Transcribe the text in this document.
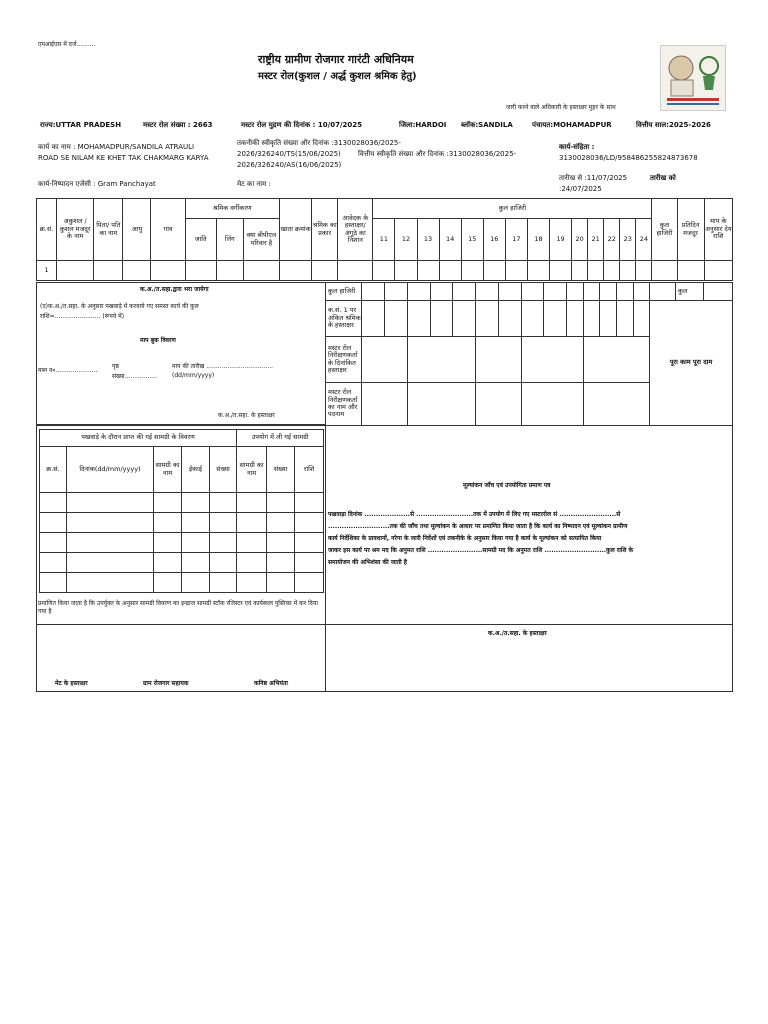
एमआईएस में दर्ज..........
राष्ट्रीय ग्रामीण रोजगार गारंटी अधिनियम
मस्टर रोल(कुशल / अर्द्ध कुशल श्रमिक हेतु)
जारी करने वाले अधिकारी के हस्ताक्षर मुहर के साथ
राज्य:UTTAR PRADESH	मस्टर रोल संख्या : 2663	मस्टर रोल मुद्रण की दिनांक : 10/07/2025	जिला:HARDOI ब्लॉक:SANDILA	पंचायत:MOHAMADPUR	वित्तीय साल:2025-2026
कार्य का नाम : MOHAMADPUR/SANDILA ATRAULI
ROAD SE NILAM KE KHET TAK CHAKMARG KARYA
तकनीकी स्वीकृति संख्या और दिनांक :3130028036/2025-
2026/326240/TS(15/06/2025)
2026/326240/AS(16/06/2025)
वित्तीय स्वीकृति संख्या और दिनांक :3130028036/2025-
कार्य-संहिता :
3130028036/LD/958486255824873678
कार्य-निष्पादन एजेंसी : Gram Panchayat	मेट का नाम :
तारीख से :11/07/2025	तारीख को
:24/07/2025
क्र.सं.	अकुशल / कुशल मजदूर के नाम	पिता/ पति का नाम	आयु	गांव	श्रमिक वर्गीकरण			खाता क्रमांक	श्रमिक का प्रकार	आवेदक के हस्ताक्षर/ अंगूठे का निशान	कुल हाजिरी														कुल हाजिरी	प्रतिदिन मजदूर	माप के अनुसार देय राशि
					जाति	लिंग	क्या बीपीएल परिवार है				11	12	13	14	15	16	17	18	19	20	21	22	23	24			
1																											
क.अ./त.सहा.द्वारा भरा जायेगा
(ए)क.अ./त.सहा. के अनुसार पखवाड़े में करवाये गए समस्त कार्य की कुल
राशि=........................ (रूपये में)
माप बुक विवरण
मब्न न०......................
पृष्ठ
संख्या.................
माप की तारीख ...................................
(dd/mm/yyyy)
क.अ./त.सहा. के हस्ताक्षर
कुल हाजिरी																कुल	
क.सं. 1 पर अंकित श्रमिक के हस्ताक्षर															पूरा काम पूरा दाम		
मस्टर रोल निरीक्षणकर्ता के दिनांकित हस्ताक्षर																	
मस्टर रोल निरीक्षणकर्ता का नाम और पदनाम																	
पखवाड़े के दौरान प्राप्त की गई सामग्री के विवरण					उपयोग में ली गई सामग्री		
क्र.सं.	दिनांक(dd/mm/yyyy)	सामग्री का नाम	ईकाई	संख्या	सामग्री का नाम	संख्या	राशि

प्रमाणित किया जाता है कि उपर्युक्त के अनुसार सामग्री विवरण का इन्द्राज सामग्री स्टॉक रजिस्टर एवं कार्यस्थल पुस्तिका में कर दिया गया है
मेट के हस्ताक्षर	ग्राम रोजगार सहायक	कनिष्ठ अभियंता
मूल्यांकन जाँच एवं उपयोगिता प्रमाण पत्र
पखवाड़ा दिनांक ....................से .........................तक में उपयोग में लिए गए मस्टररोल सं .........................से
...........................तक की जाँच तथा मूल्यांकन के आधार पर प्रमाणित किया जाता है कि कार्य का निष्पादन एवं मूल्यांकन ग्रामीण
कार्य निर्देशिका के प्रावधानों, नरेगा के जारी निर्देशों एवं तकनीके के अनुसार किया गया है कार्य के मूल्यांकन को सत्यापित किया
जाकर इस कार्य पर श्रम मद कि अनुमत राशि ........................सामग्री मद कि अनुमत राशि ...........................कुल राशि के
समायोजन की अभिशंसा की जाती है
क.अ./त.सहा. के हस्ताक्षर
